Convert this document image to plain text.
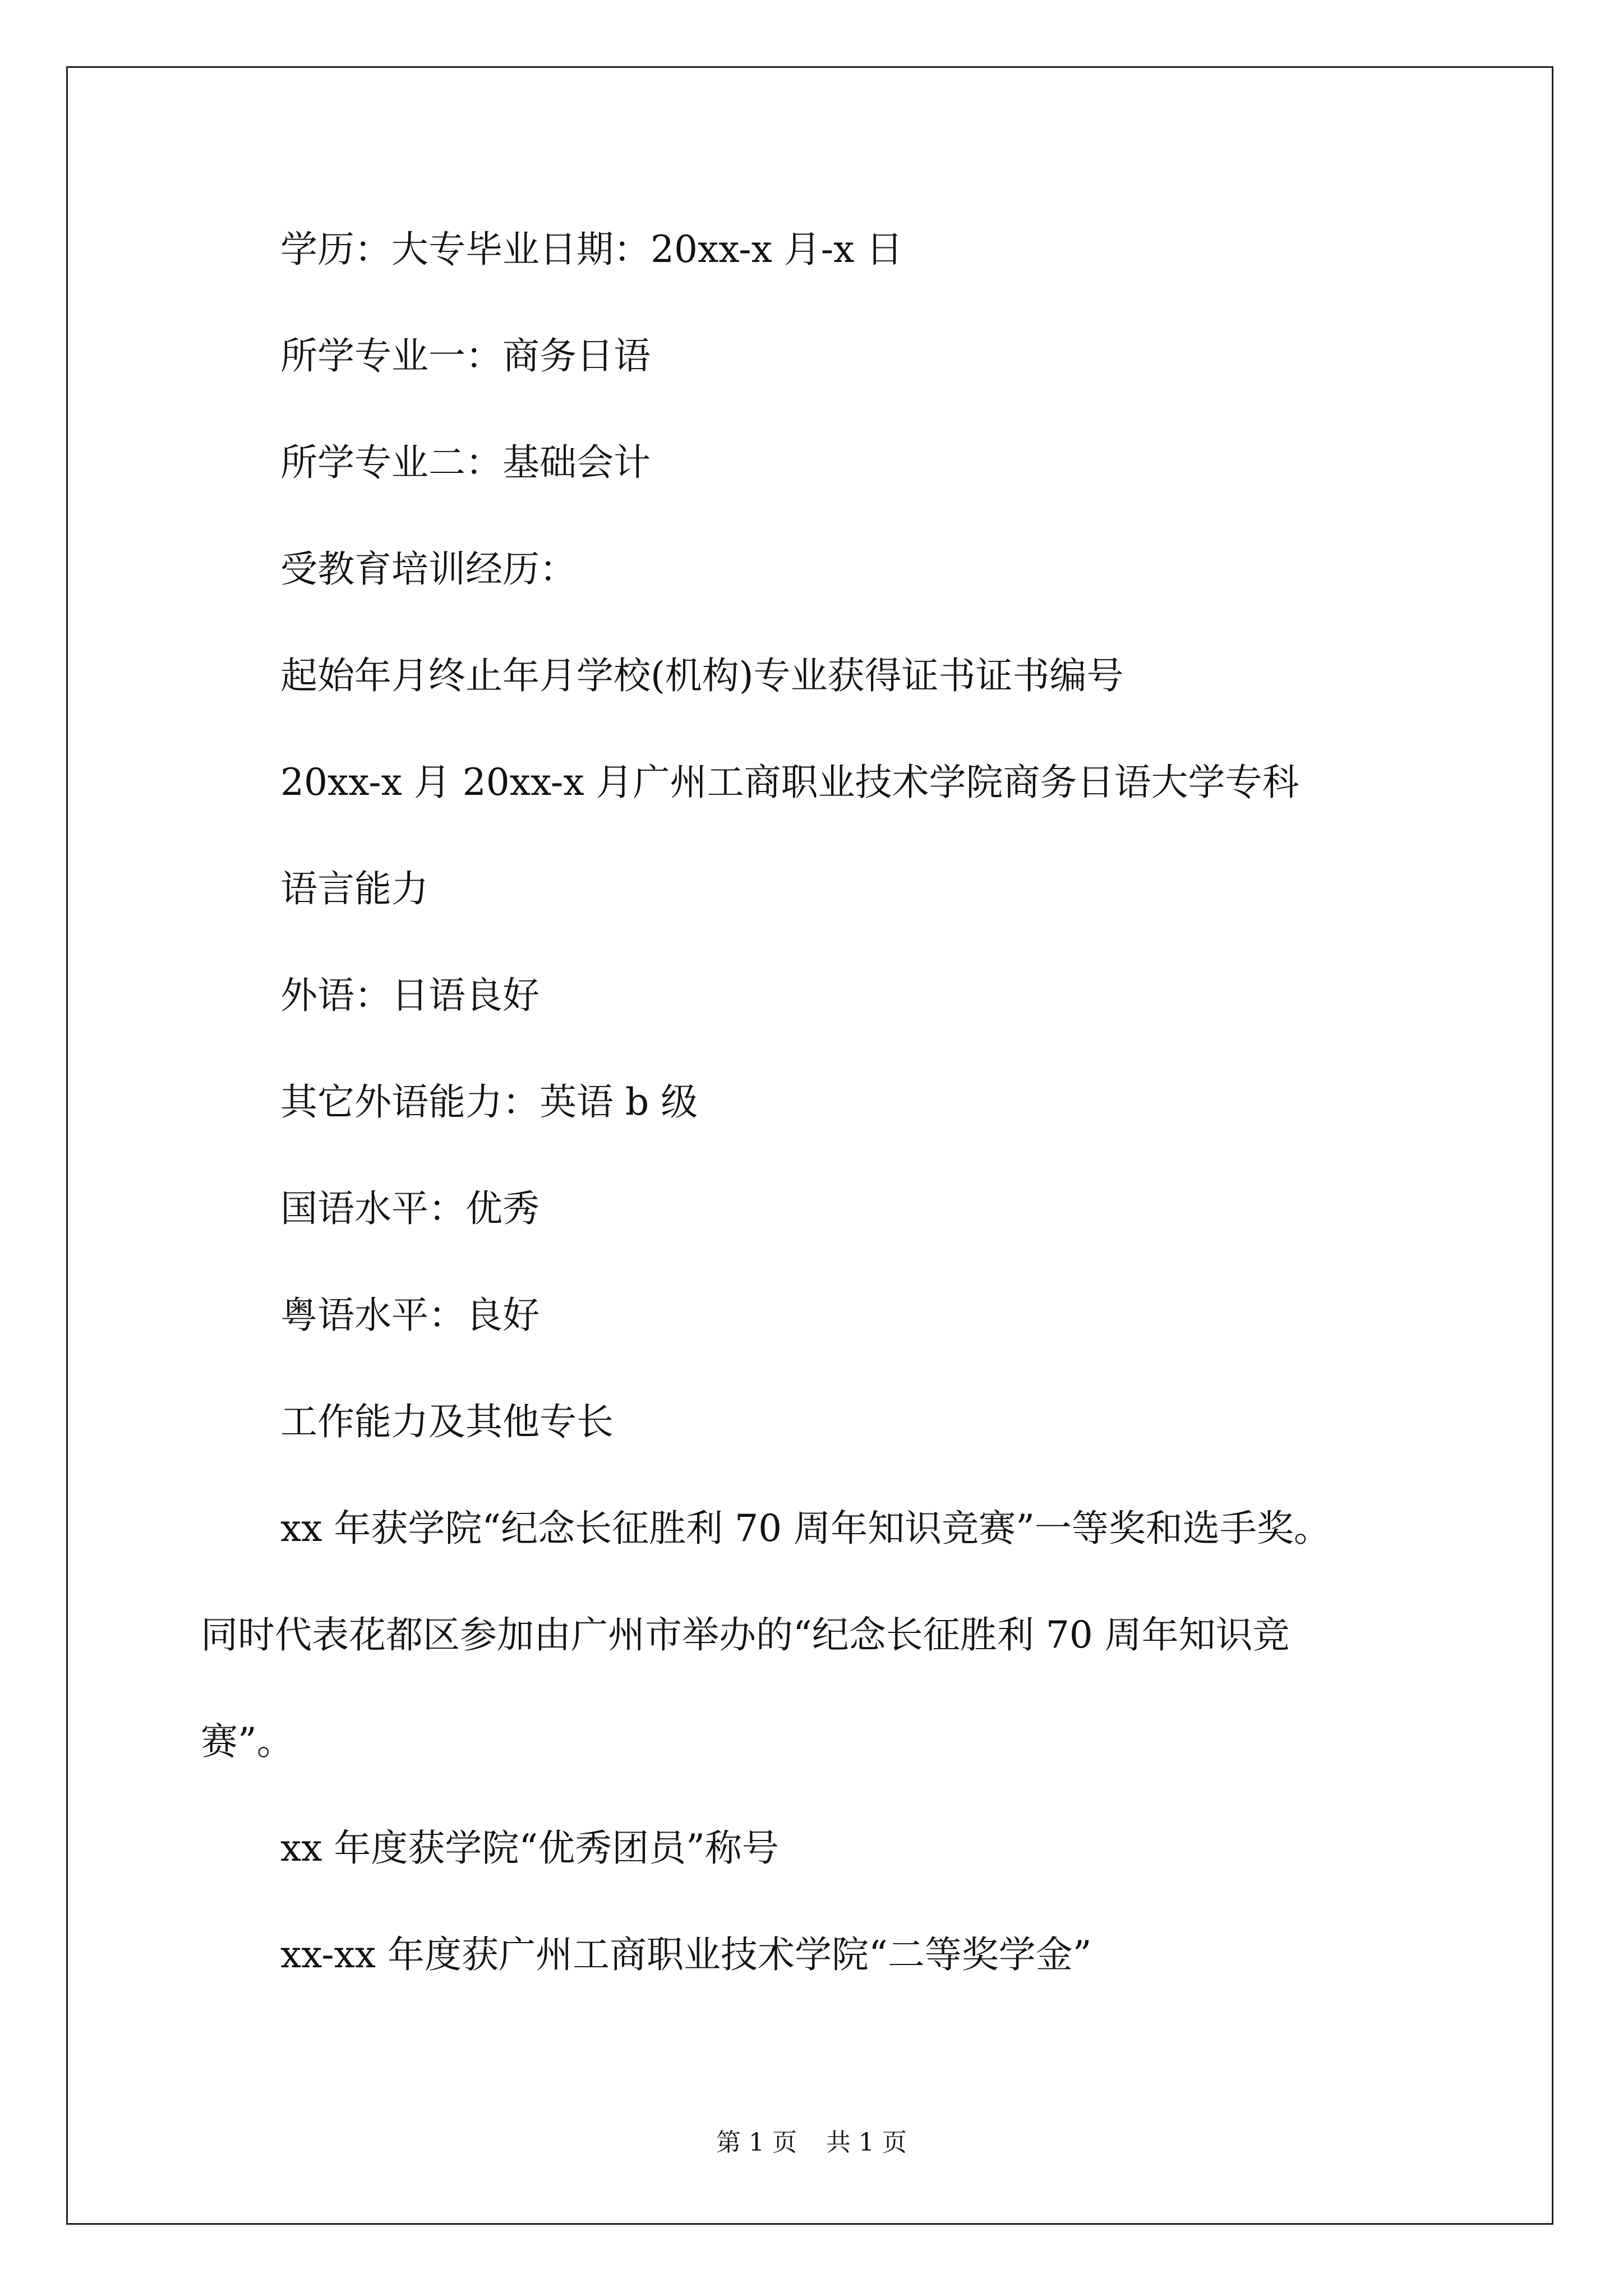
学历：大专毕业日期：20xx-x 月-x 日

所学专业一：商务日语

所学专业二：基础会计

受教育培训经历：

起始年月终止年月学校(机构)专业获得证书证书编号

20xx-x 月 20xx-x 月广州工商职业技术学院商务日语大学专科

语言能力

外语：日语良好

其它外语能力：英语 b 级

国语水平：优秀

粤语水平：良好

工作能力及其他专长

xx 年获学院“纪念长征胜利 70 周年知识竞赛”一等奖和选手奖。

同时代表花都区参加由广州市举办的“纪念长征胜利 70 周年知识竞

赛”。

xx 年度获学院“优秀团员”称号

xx-xx 年度获广州工商职业技术学院“二等奖学金”

第 1 页 共 1 页
